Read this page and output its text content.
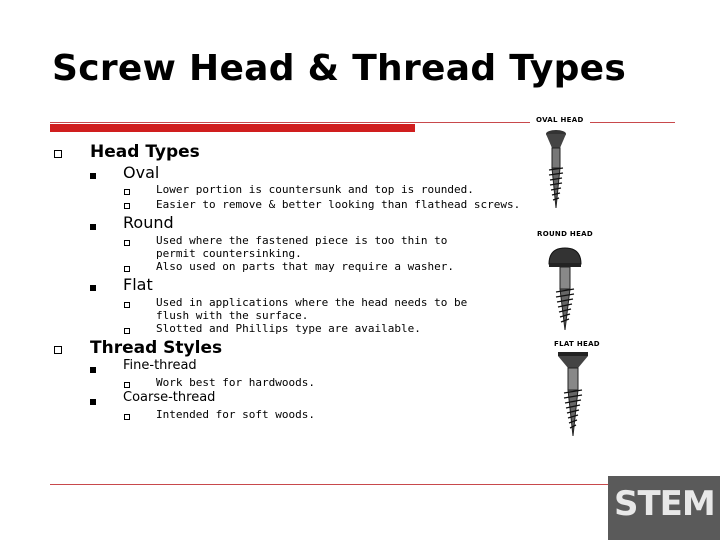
Screw Head & Thread Types
Head Types
Oval
Lower portion is countersunk and top is rounded.
Easier to remove & better looking than flathead screws.
Round
Used where the fastened piece is too thin to permit countersinking.
Also used on parts that may require a washer.
Flat
Used in applications where the head needs to be flush with the surface.
Slotted and Phillips type are available.
Thread Styles
Fine-thread
Work best for hardwoods.
Coarse-thread
Intended for soft woods.
OVAL HEAD
ROUND HEAD
FLAT HEAD
STEM
